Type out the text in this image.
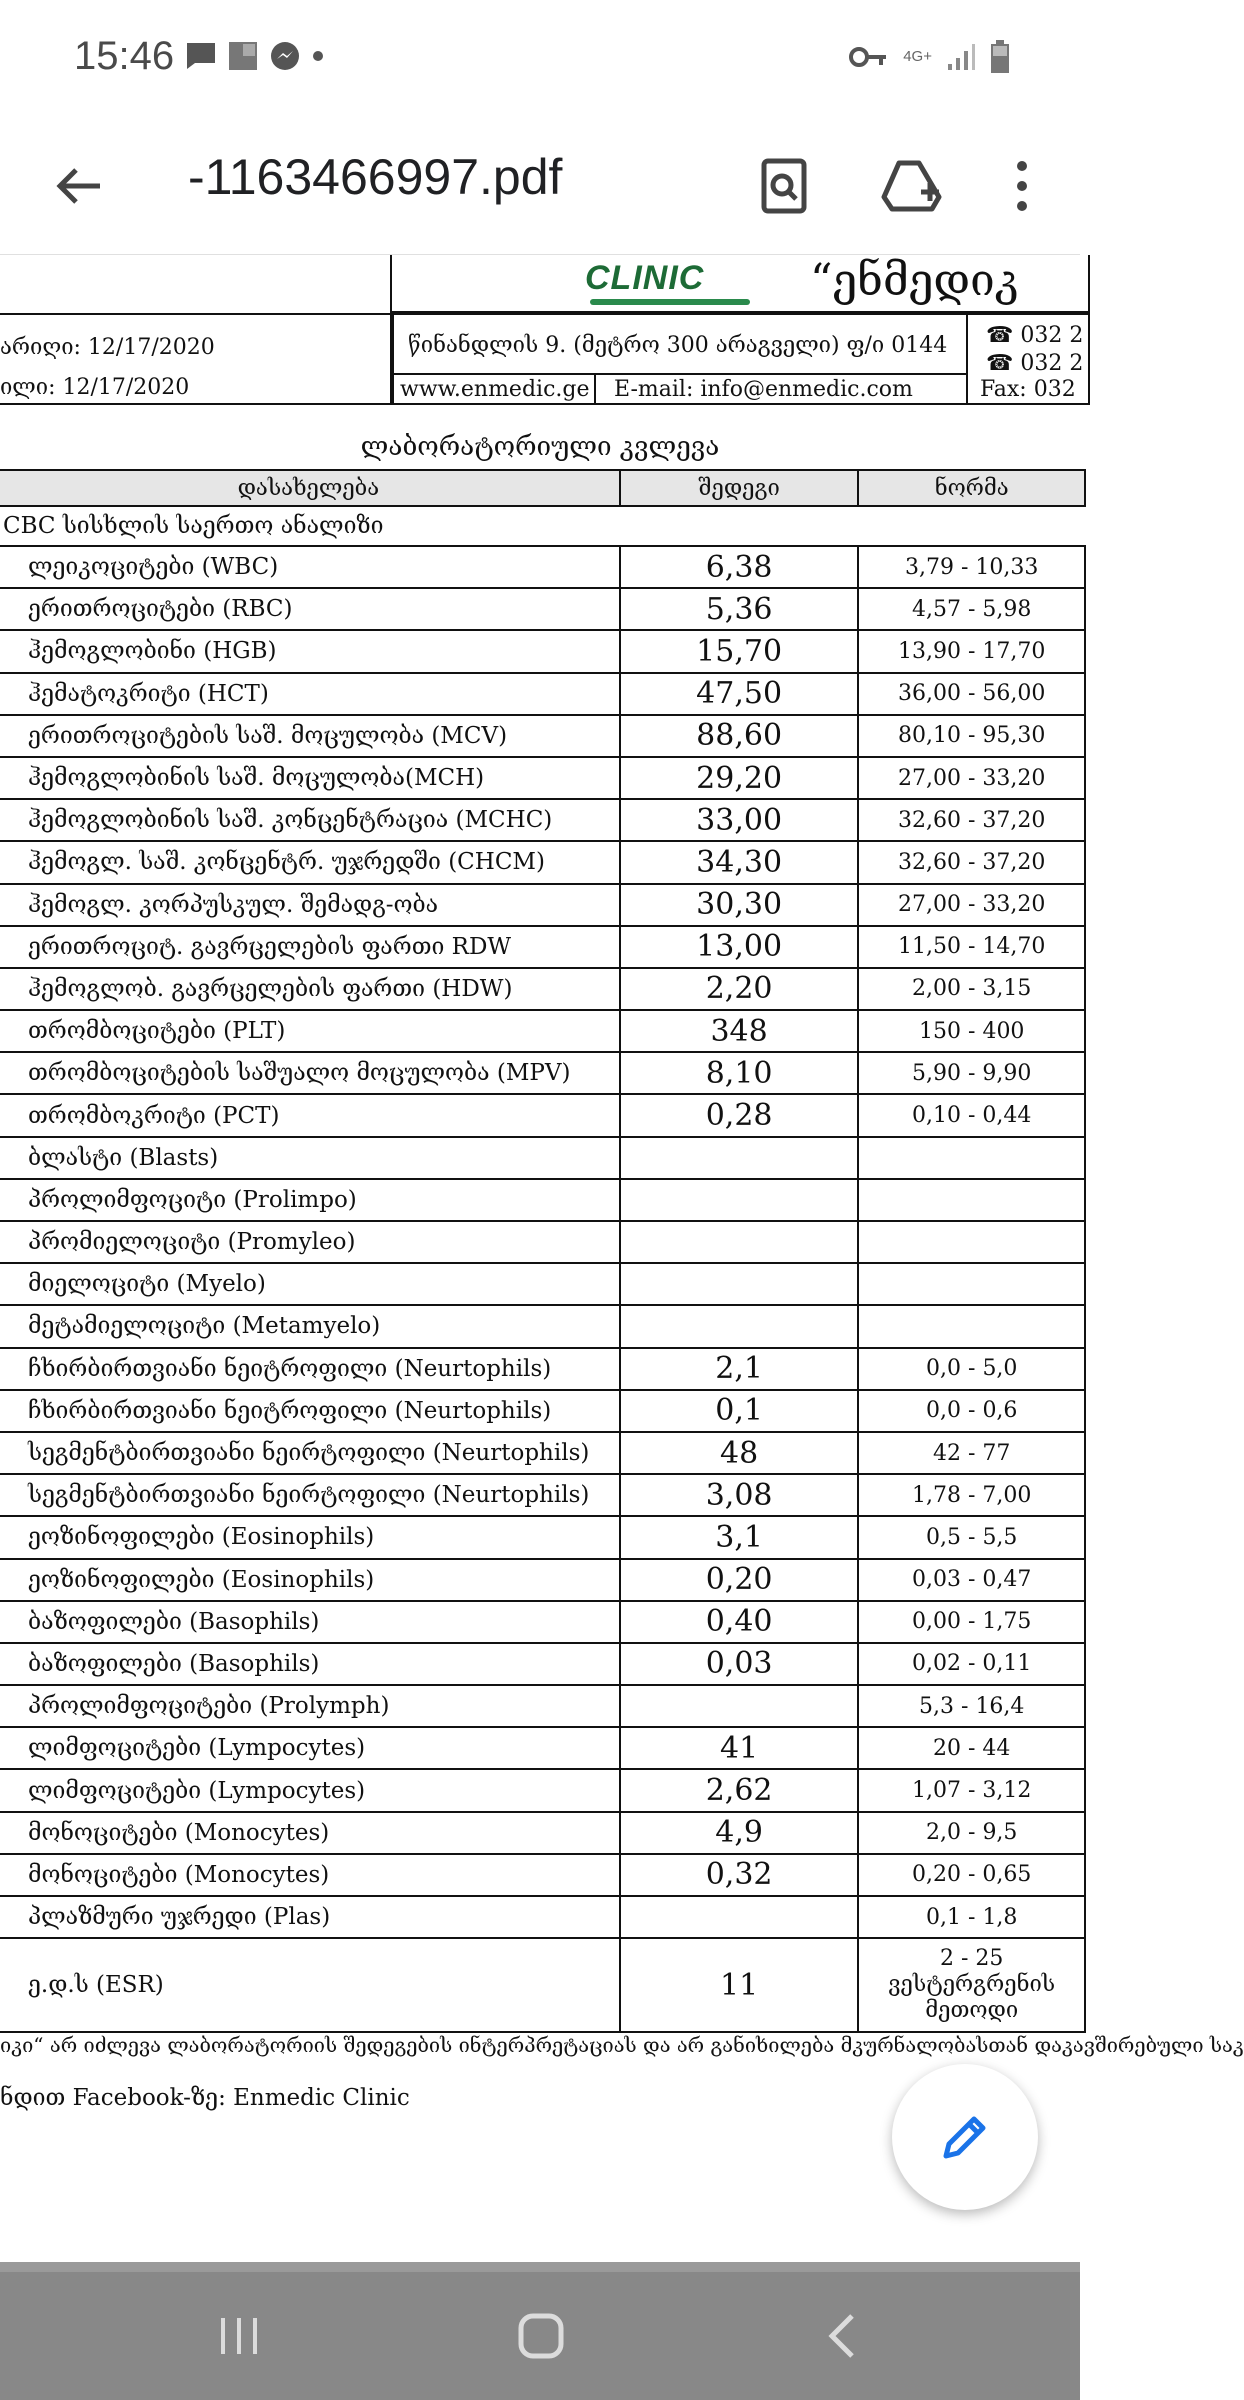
15:46	4G+
-1163466997.pdf
CLINIC “ენმედიკ
არიღი: 12/17/2020
ილი: 12/17/2020
წინანდლის 9. (მეტრო 300 არაგველი) ფ/ი 0144 ☎ 032 2
☎ 032 2
Fax: 032
www.enmedic.ge E-mail: info@enmedic.com
ლაბორატორიული კვლევა
დასახელება	შედეგი	ნორმა
CBC სისხლის საერთო ანალიზი		
ლეიკოციტები (WBC)	6,38	3,79 - 10,33
ერითროციტები (RBC)	5,36	4,57 - 5,98
ჰემოგლობინი (HGB)	15,70	13,90 - 17,70
ჰემატოკრიტი (HCT)	47,50	36,00 - 56,00
ერითროციტების საშ. მოცულობა (MCV)	88,60	80,10 - 95,30
ჰემოგლობინის საშ. მოცულობა(MCH)	29,20	27,00 - 33,20
ჰემოგლობინის საშ. კონცენტრაცია (MCHC)	33,00	32,60 - 37,20
ჰემოგლ. საშ. კონცენტრ. უჯრედში (CHCM)	34,30	32,60 - 37,20
ჰემოგლ. კორპუსკულ. შემადგ-ობა	30,30	27,00 - 33,20
ერითროციტ. გავრცელების ფართი RDW	13,00	11,50 - 14,70
ჰემოგლობ. გავრცელების ფართი (HDW)	2,20	2,00 - 3,15
თრომბოციტები (PLT)	348	150 - 400
თრომბოციტების საშუალო მოცულობა (MPV)	8,10	5,90 - 9,90
თრომბოკრიტი (PCT)	0,28	0,10 - 0,44
ბლასტი (Blasts)		
პროლიმფოციტი (Prolimpo)		
პრომიელოციტი (Promyleo)		
მიელოციტი (Myelo)		
მეტამიელოციტი (Metamyelo)		
ჩხირბირთვიანი ნეიტროფილი (Neurtophils)	2,1	0,0 - 5,0
ჩხირბირთვიანი ნეიტროფილი (Neurtophils)	0,1	0,0 - 0,6
სეგმენტბირთვიანი ნეირტოფილი (Neurtophils)	48	42 - 77
სეგმენტბირთვიანი ნეირტოფილი (Neurtophils)	3,08	1,78 - 7,00
ეოზინოფილები (Eosinophils)	3,1	0,5 - 5,5
ეოზინოფილები (Eosinophils)	0,20	0,03 - 0,47
ბაზოფილები (Basophils)	0,40	0,00 - 1,75
ბაზოფილები (Basophils)	0,03	0,02 - 0,11
პროლიმფოციტები (Prolymph)		5,3 - 16,4
ლიმფოციტები (Lympocytes)	41	20 - 44
ლიმფოციტები (Lympocytes)	2,62	1,07 - 3,12
მონოციტები (Monocytes)	4,9	2,0 - 9,5
მონოციტები (Monocytes)	0,32	0,20 - 0,65
პლაზმური უჯრედი (Plas)		0,1 - 1,8
ე.დ.ს (ESR)	11	2 - 25
ვესტერგრენის
მეთოდი
იკი“ არ იძლევა ლაბორატორიის შედეგების ინტერპრეტაციას და არ განიხილება მკურნალობასთან დაკავშირებული საკ
ნდით Facebook-ზე: Enmedic Clinic
